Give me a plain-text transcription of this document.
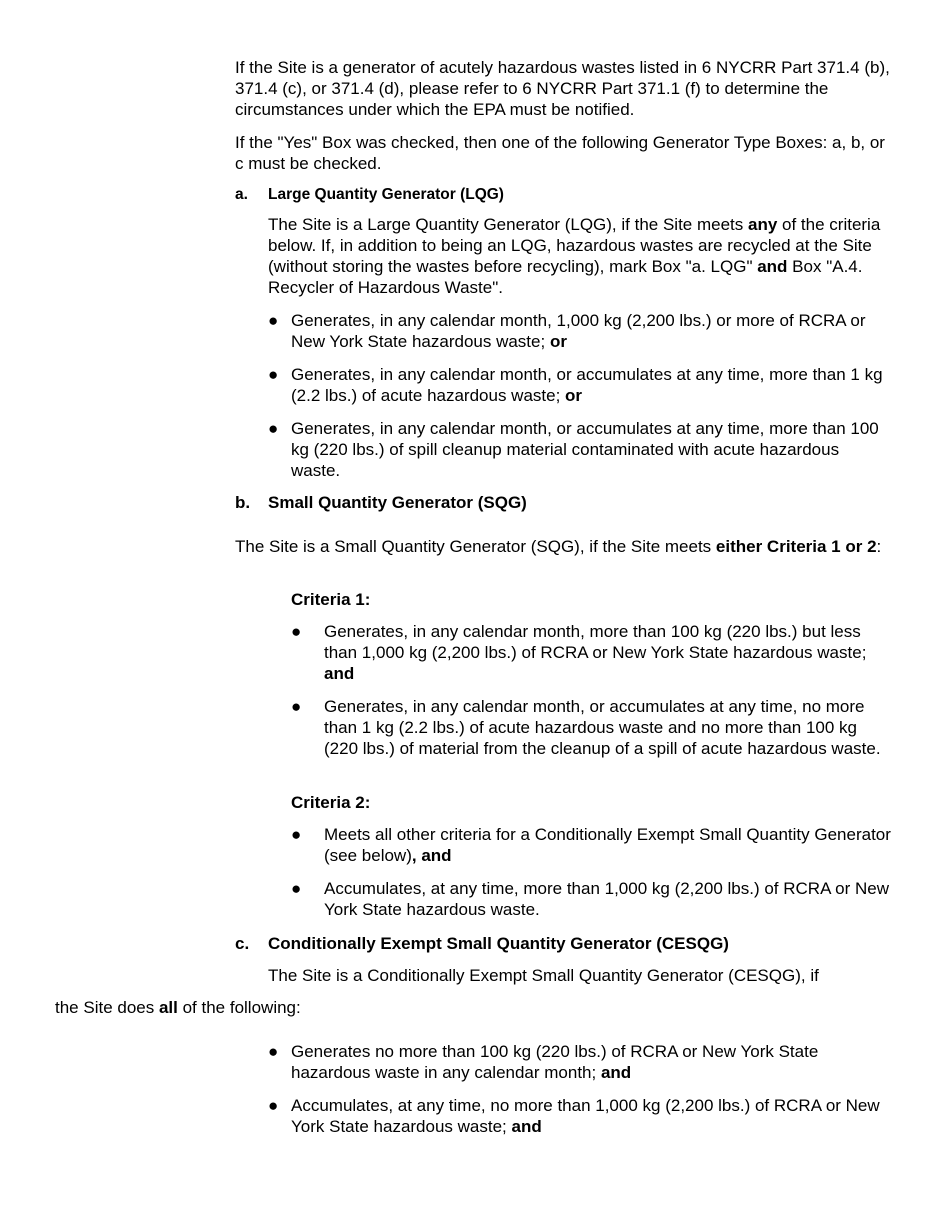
If the Site is a generator of acutely hazardous wastes listed in 6 NYCRR Part 371.4 (b), 371.4 (c), or 371.4 (d), please refer to 6 NYCRR Part 371.1 (f) to determine the circumstances under which the EPA must be notified.
If the "Yes" Box was checked, then one of the following Generator Type Boxes: a, b, or c must be checked.
a. Large Quantity Generator (LQG)
The Site is a Large Quantity Generator (LQG), if the Site meets any of the criteria below. If, in addition to being an LQG, hazardous wastes are recycled at the Site (without storing the wastes before recycling), mark Box "a. LQG" and Box "A.4. Recycler of Hazardous Waste".
● Generates, in any calendar month, 1,000 kg (2,200 lbs.) or more of RCRA or New York State hazardous waste; or
● Generates, in any calendar month, or accumulates at any time, more than 1 kg (2.2 lbs.) of acute hazardous waste; or
● Generates, in any calendar month, or accumulates at any time, more than 100 kg (220 lbs.) of spill cleanup material contaminated with acute hazardous waste.
b. Small Quantity Generator (SQG)
The Site is a Small Quantity Generator (SQG), if the Site meets either Criteria 1 or 2:
Criteria 1:
● Generates, in any calendar month, more than 100 kg (220 lbs.) but less than 1,000 kg (2,200 lbs.) of RCRA or New York State hazardous waste; and
● Generates, in any calendar month, or accumulates at any time, no more than 1 kg (2.2 lbs.) of acute hazardous waste and no more than 100 kg (220 lbs.) of material from the cleanup of a spill of acute hazardous waste.
Criteria 2:
● Meets all other criteria for a Conditionally Exempt Small Quantity Generator (see below), and
● Accumulates, at any time, more than 1,000 kg (2,200 lbs.) of RCRA or New York State hazardous waste.
c. Conditionally Exempt Small Quantity Generator (CESQG)
The Site is a Conditionally Exempt Small Quantity Generator (CESQG), if
the Site does all of the following:
● Generates no more than 100 kg (220 lbs.) of RCRA or New York State hazardous waste in any calendar month; and
● Accumulates, at any time, no more than 1,000 kg (2,200 lbs.) of RCRA or New York State hazardous waste; and
